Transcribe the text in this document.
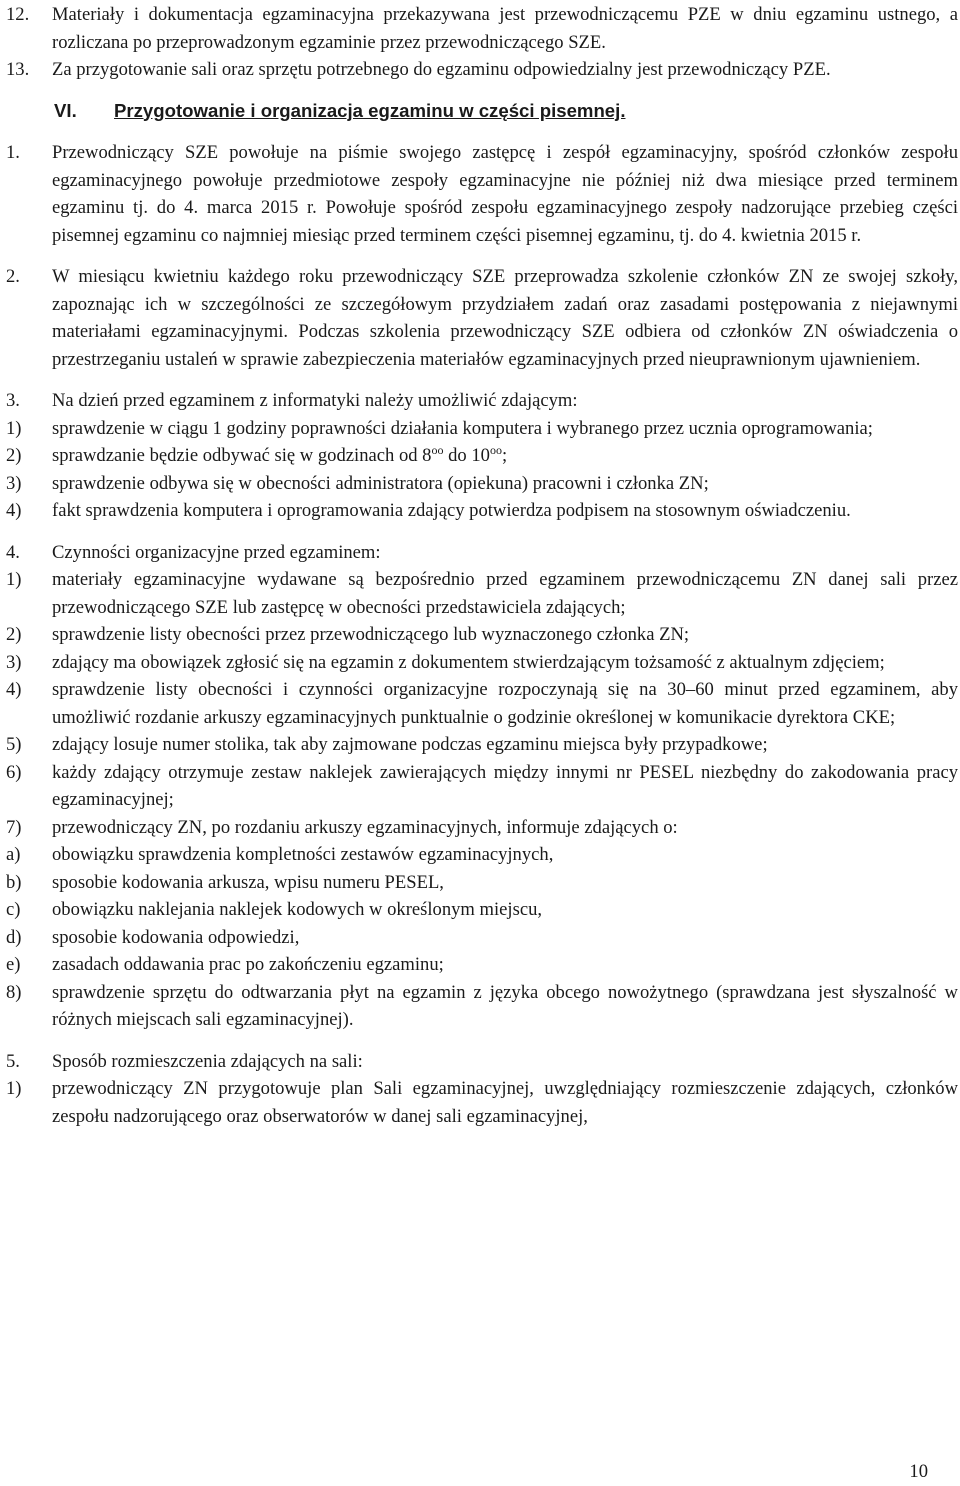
12.	Materiały i dokumentacja egzaminacyjna przekazywana jest przewodniczącemu PZE w dniu egzaminu ustnego, a rozliczana po przeprowadzonym egzaminie przez przewodniczącego SZE.
13.	Za przygotowanie sali oraz sprzętu potrzebnego do egzaminu odpowiedzialny jest przewodniczący PZE.
VI.	Przygotowanie i organizacja egzaminu w części pisemnej.
1.	Przewodniczący SZE powołuje na piśmie swojego zastępcę i zespół egzaminacyjny, spośród członków zespołu egzaminacyjnego powołuje przedmiotowe zespoły egzaminacyjne nie później niż dwa miesiące przed terminem egzaminu tj. do 4. marca 2015 r. Powołuje spośród zespołu egzaminacyjnego zespoły nadzorujące przebieg części pisemnej egzaminu co najmniej miesiąc przed terminem części pisemnej egzaminu, tj. do 4. kwietnia 2015 r.
2.	W miesiącu kwietniu każdego roku przewodniczący SZE przeprowadza szkolenie członków ZN ze swojej szkoły, zapoznając ich w szczególności ze szczegółowym przydziałem zadań oraz zasadami postępowania z niejawnymi materiałami egzaminacyjnymi. Podczas szkolenia przewodniczący SZE odbiera od członków ZN oświadczenia o przestrzeganiu ustaleń w sprawie zabezpieczenia materiałów egzaminacyjnych przed nieuprawnionym ujawnieniem.
3.	Na dzień przed egzaminem z informatyki należy umożliwić zdającym:
1)	sprawdzenie w ciągu 1 godziny poprawności działania komputera i wybranego przez ucznia oprogramowania;
2)	sprawdzanie będzie odbywać się w godzinach od $8^{oo}$ do $10^{oo}$;
3)	sprawdzenie odbywa się w obecności administratora (opiekuna) pracowni i członka ZN;
4)	fakt sprawdzenia komputera i oprogramowania zdający potwierdza podpisem na stosownym oświadczeniu.
4.	Czynności organizacyjne przed egzaminem:
1)	materiały egzaminacyjne wydawane są bezpośrednio przed egzaminem przewodniczącemu ZN danej sali przez przewodniczącego SZE lub zastępcę w obecności przedstawiciela zdających;
2)	sprawdzenie listy obecności przez przewodniczącego lub wyznaczonego członka ZN;
3)	zdający ma obowiązek zgłosić się na egzamin z dokumentem stwierdzającym tożsamość z aktualnym zdjęciem;
4)	sprawdzenie listy obecności i czynności organizacyjne rozpoczynają się na 30–60 minut przed egzaminem, aby umożliwić rozdanie arkuszy egzaminacyjnych punktualnie o godzinie określonej w komunikacie dyrektora CKE;
5)	zdający losuje numer stolika, tak aby zajmowane podczas egzaminu miejsca były przypadkowe;
6)	każdy zdający otrzymuje zestaw naklejek zawierających między innymi nr PESEL niezbędny do zakodowania pracy egzaminacyjnej;
7)	przewodniczący ZN, po rozdaniu arkuszy egzaminacyjnych, informuje zdających o:
a)	obowiązku sprawdzenia kompletności zestawów egzaminacyjnych,
b)	sposobie kodowania arkusza, wpisu numeru PESEL,
c)	obowiązku naklejania naklejek kodowych w określonym miejscu,
d)	sposobie kodowania odpowiedzi,
e)	zasadach oddawania prac po zakończeniu egzaminu;
8)	sprawdzenie sprzętu do odtwarzania płyt na egzamin z języka obcego nowożytnego (sprawdzana jest słyszalność w różnych miejscach sali egzaminacyjnej).
5.	Sposób rozmieszczenia zdających na sali:
1)	przewodniczący ZN przygotowuje plan Sali egzaminacyjnej, uwzględniający rozmieszczenie zdających, członków zespołu nadzorującego oraz obserwatorów w danej sali egzaminacyjnej,
10
